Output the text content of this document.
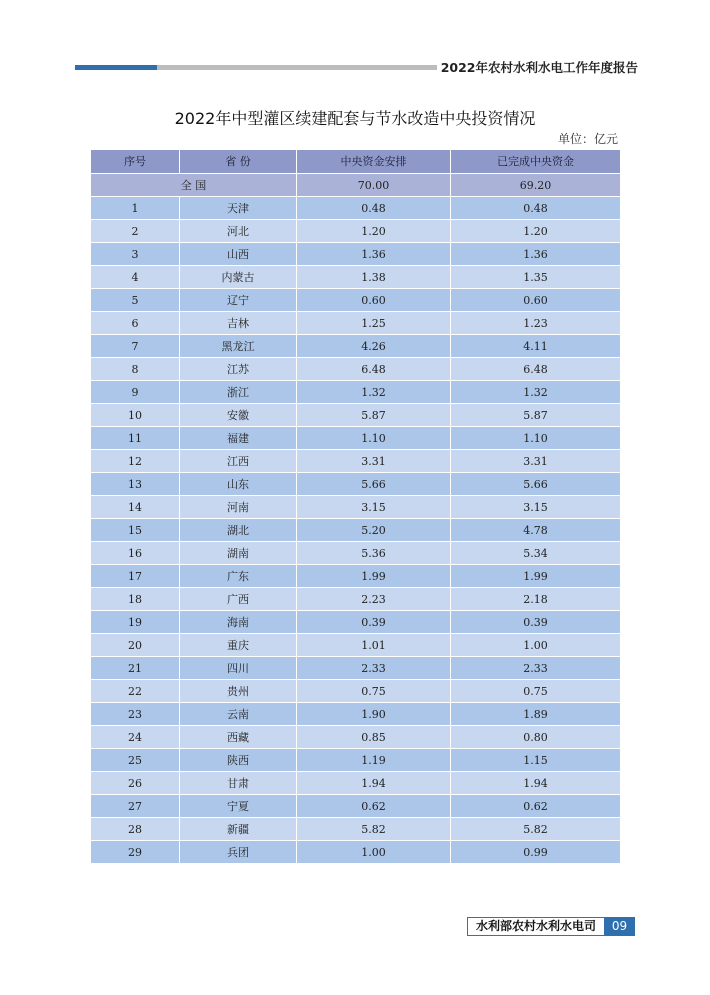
2022年农村水利水电工作年度报告
2022年中型灌区续建配套与节水改造中央投资情况
单位：亿元
序号	省 份	中央资金安排	已完成中央资金
全 国		70.00	69.20
1	天津	0.48	0.48
2	河北	1.20	1.20
3	山西	1.36	1.36
4	内蒙古	1.38	1.35
5	辽宁	0.60	0.60
6	吉林	1.25	1.23
7	黑龙江	4.26	4.11
8	江苏	6.48	6.48
9	浙江	1.32	1.32
10	安徽	5.87	5.87
11	福建	1.10	1.10
12	江西	3.31	3.31
13	山东	5.66	5.66
14	河南	3.15	3.15
15	湖北	5.20	4.78
16	湖南	5.36	5.34
17	广东	1.99	1.99
18	广西	2.23	2.18
19	海南	0.39	0.39
20	重庆	1.01	1.00
21	四川	2.33	2.33
22	贵州	0.75	0.75
23	云南	1.90	1.89
24	西藏	0.85	0.80
25	陕西	1.19	1.15
26	甘肃	1.94	1.94
27	宁夏	0.62	0.62
28	新疆	5.82	5.82
29	兵团	1.00	0.99
水利部农村水利水电司	09
